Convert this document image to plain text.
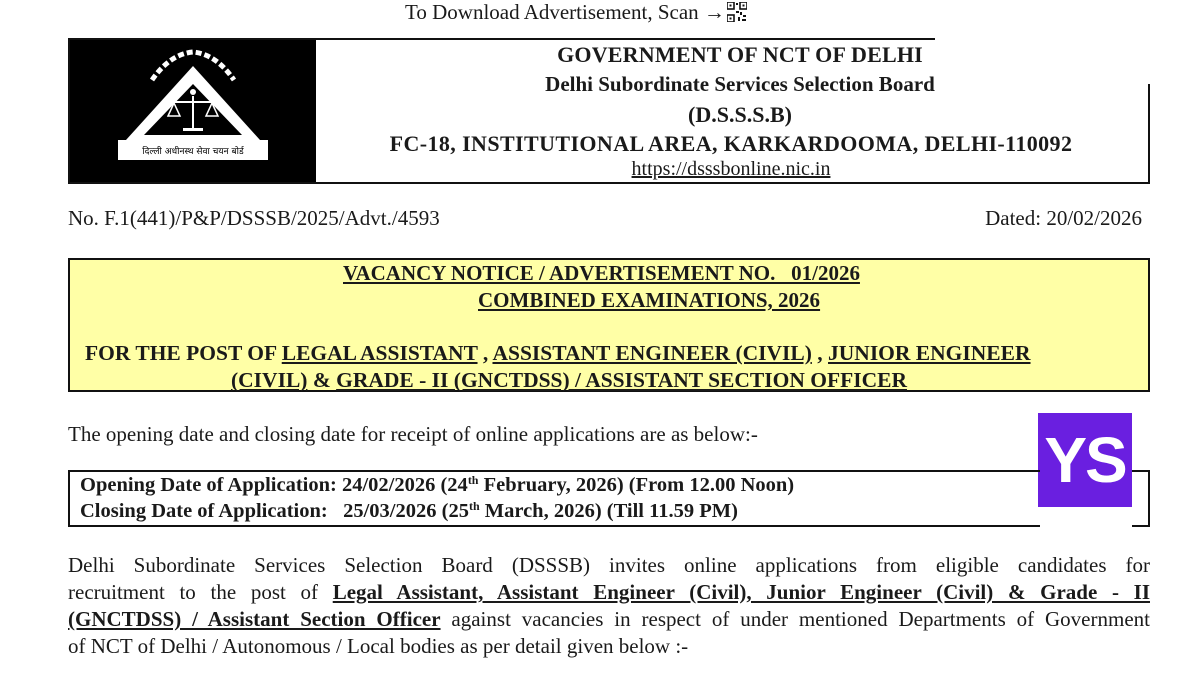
To Download Advertisement, Scan →
दिल्ली अधीनस्थ सेवा चयन बोर्ड
GOVERNMENT OF NCT OF DELHI
Delhi Subordinate Services Selection Board
(D.S.S.S.B)
FC-18, INSTITUTIONAL AREA, KARKARDOOMA, DELHI-110092
https://dsssbonline.nic.in
No. F.1(441)/P&P/DSSSB/2025/Advt./4593	Dated: 20/02/2026
VACANCY NOTICE / ADVERTISEMENT NO.   01/2026
COMBINED EXAMINATIONS, 2026
FOR THE POST OF LEGAL ASSISTANT , ASSISTANT ENGINEER (CIVIL) , JUNIOR ENGINEER
(CIVIL) & GRADE - II (GNCTDSS) / ASSISTANT SECTION OFFICER
The opening date and closing date for receipt of online applications are as below:-	YS
Opening Date of Application: 24/02/2026 (24th February, 2026) (From 12.00 Noon)
Closing Date of Application:   25/03/2026 (25th March, 2026) (Till 11.59 PM)
Delhi Subordinate Services Selection Board (DSSSB) invites online applications from eligible candidates for
recruitment to the post of Legal Assistant, Assistant Engineer (Civil), Junior Engineer (Civil) & Grade - II
(GNCTDSS) / Assistant Section Officer against vacancies in respect of under mentioned Departments of Government
of NCT of Delhi / Autonomous / Local bodies as per detail given below :-
